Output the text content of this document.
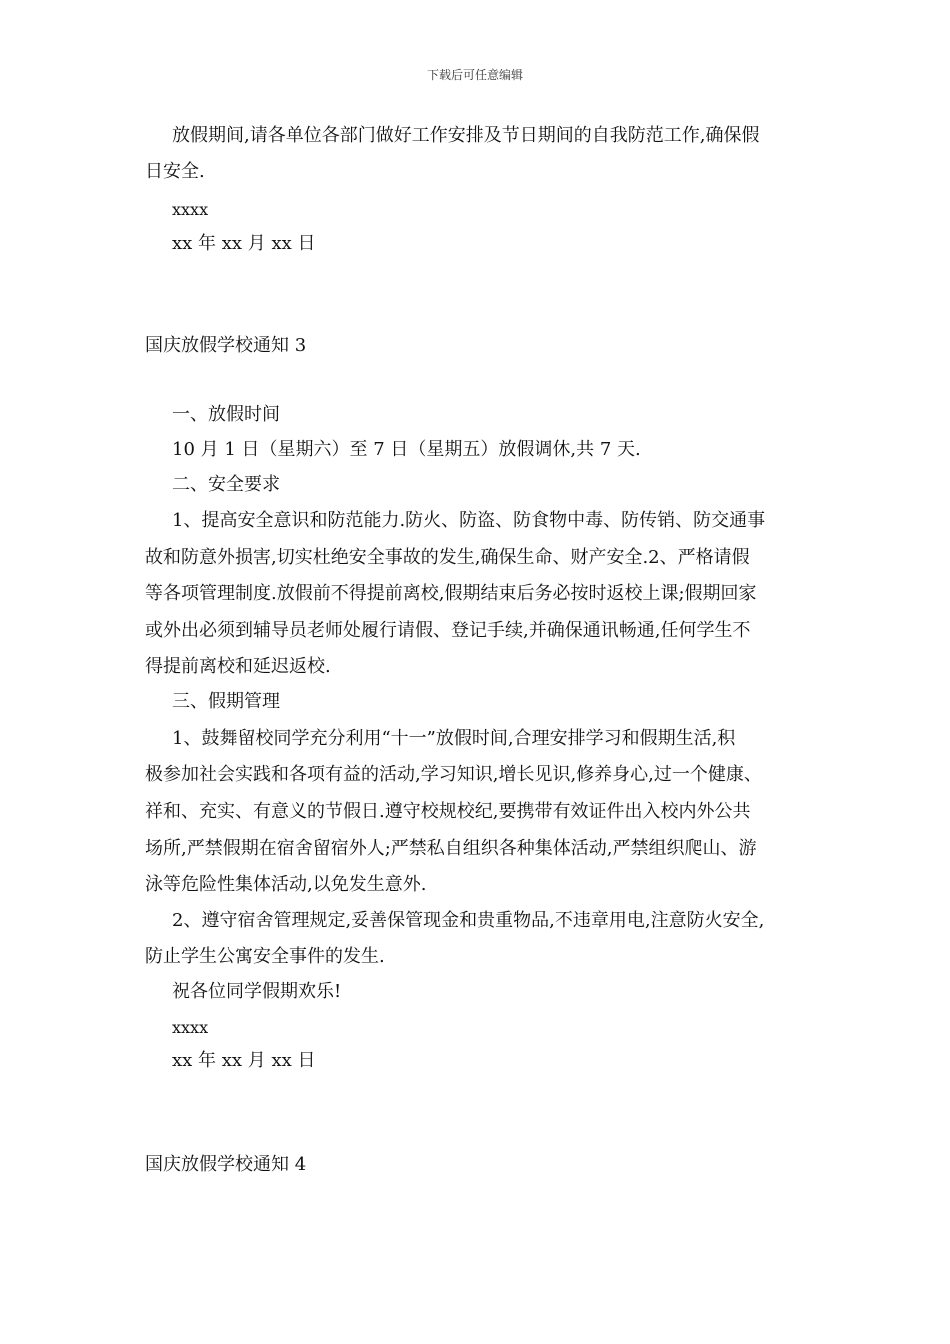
下载后可任意编辑
放假期间,请各单位各部门做好工作安排及节日期间的自我防范工作,确保假
日安全.
xxxx
xx 年 xx 月 xx 日
国庆放假学校通知 3
一、放假时间
10 月 1 日（星期六）至 7 日（星期五）放假调休,共 7 天.
二、安全要求
1、提高安全意识和防范能力.防火、防盗、防食物中毒、防传销、防交通事
故和防意外损害,切实杜绝安全事故的发生,确保生命、财产安全.2、严格请假
等各项管理制度.放假前不得提前离校,假期结束后务必按时返校上课;假期回家
或外出必须到辅导员老师处履行请假、登记手续,并确保通讯畅通,任何学生不
得提前离校和延迟返校.
三、假期管理
1、鼓舞留校同学充分利用“十一”放假时间,合理安排学习和假期生活,积
极参加社会实践和各项有益的活动,学习知识,增长见识,修养身心,过一个健康、
祥和、充实、有意义的节假日.遵守校规校纪,要携带有效证件出入校内外公共
场所,严禁假期在宿舍留宿外人;严禁私自组织各种集体活动,严禁组织爬山、游
泳等危险性集体活动,以免发生意外.
2、遵守宿舍管理规定,妥善保管现金和贵重物品,不违章用电,注意防火安全,
防止学生公寓安全事件的发生.
祝各位同学假期欢乐!
xxxx
xx 年 xx 月 xx 日
国庆放假学校通知 4
